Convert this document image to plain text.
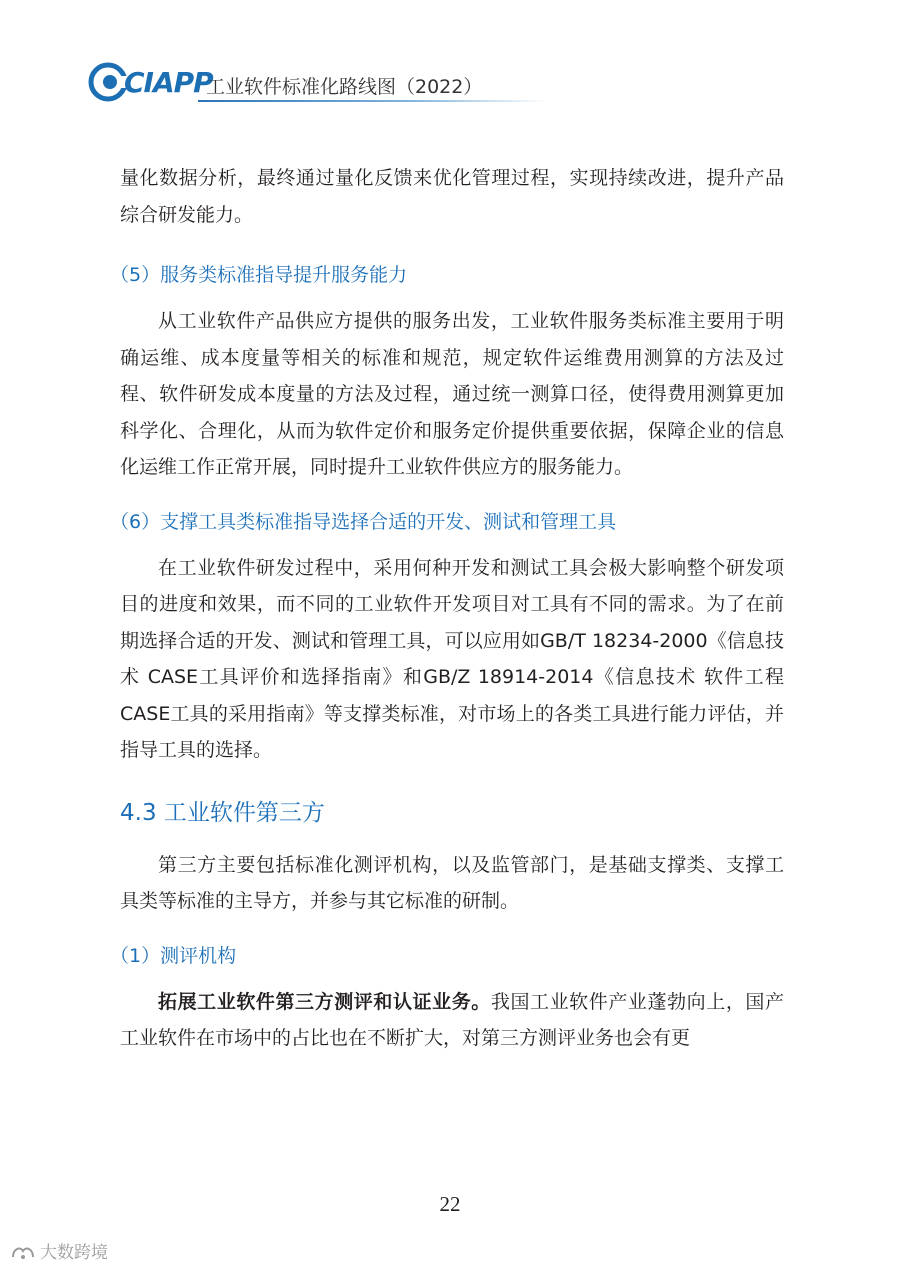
CIAPP
工业软件标准化路线图（2022）

量化数据分析，最终通过量化反馈来优化管理过程，实现持续改进，提升产品综合研发能力。

（5）服务类标准指导提升服务能力

从工业软件产品供应方提供的服务出发，工业软件服务类标准主要用于明确运维、成本度量等相关的标准和规范，规定软件运维费用测算的方法及过程、软件研发成本度量的方法及过程，通过统一测算口径，使得费用测算更加科学化、合理化，从而为软件定价和服务定价提供重要依据，保障企业的信息化运维工作正常开展，同时提升工业软件供应方的服务能力。

（6）支撑工具类标准指导选择合适的开发、测试和管理工具

在工业软件研发过程中，采用何种开发和测试工具会极大影响整个研发项目的进度和效果，而不同的工业软件开发项目对工具有不同的需求。为了在前期选择合适的开发、测试和管理工具，可以应用如GB/T 18234-2000《信息技术 CASE工具评价和选择指南》和GB/Z 18914-2014《信息技术 软件工程 CASE工具的采用指南》等支撑类标准，对市场上的各类工具进行能力评估，并指导工具的选择。

4.3 工业软件第三方

第三方主要包括标准化测评机构，以及监管部门，是基础支撑类、支撑工具类等标准的主导方，并参与其它标准的研制。

（1）测评机构

拓展工业软件第三方测评和认证业务。我国工业软件产业蓬勃向上，国产工业软件在市场中的占比也在不断扩大，对第三方测评业务也会有更

22
大数跨境
